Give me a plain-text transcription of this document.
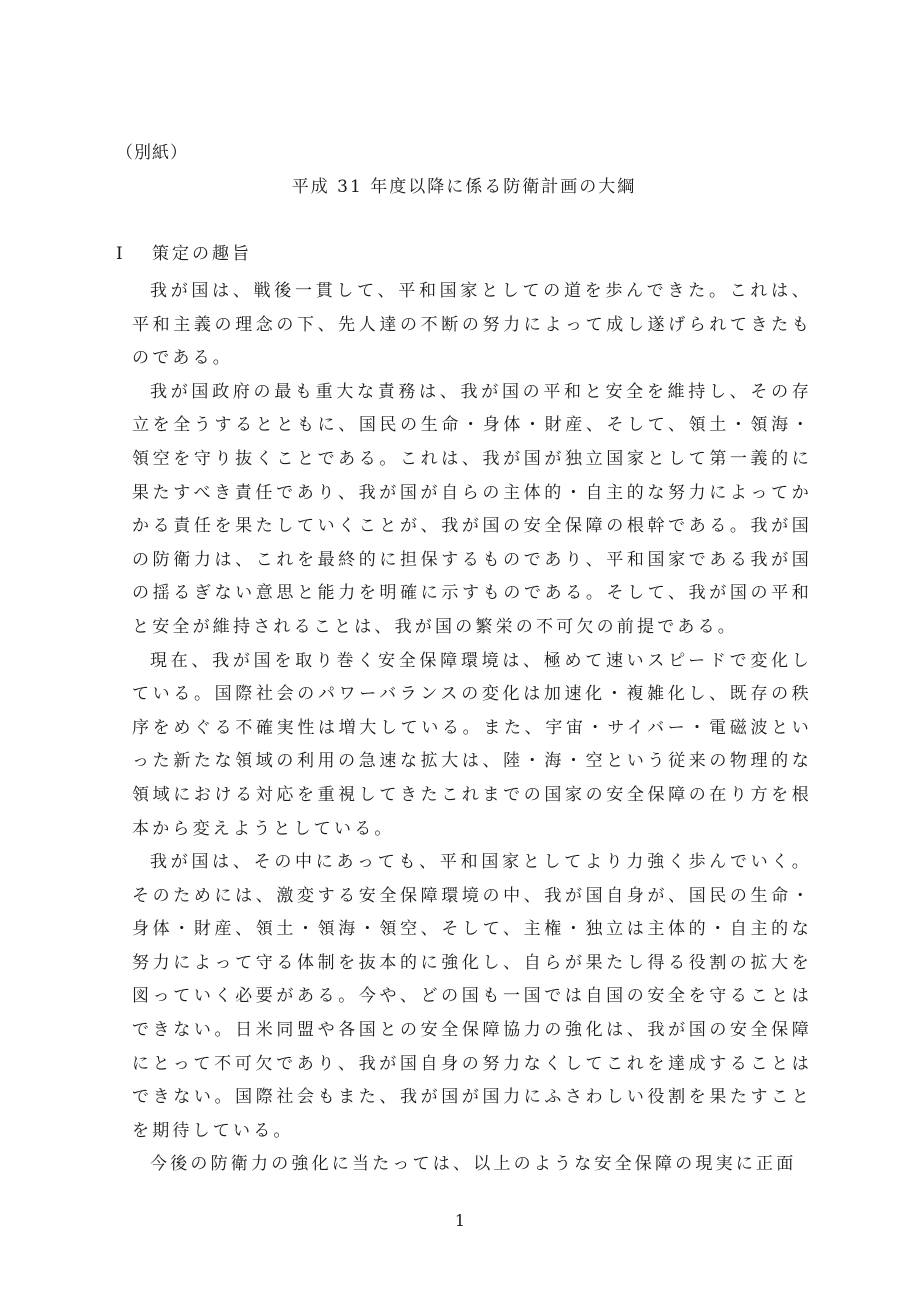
（別紙）
平成 31 年度以降に係る防衛計画の大綱
Ⅰ 策定の趣旨

我が国は、戦後一貫して、平和国家としての道を歩んできた。これは、平和主義の理念の下、先人達の不断の努力によって成し遂げられてきたものである。

我が国政府の最も重大な責務は、我が国の平和と安全を維持し、その存立を全うするとともに、国民の生命・身体・財産、そして、領土・領海・領空を守り抜くことである。これは、我が国が独立国家として第一義的に果たすべき責任であり、我が国が自らの主体的・自主的な努力によってかかる責任を果たしていくことが、我が国の安全保障の根幹である。我が国の防衛力は、これを最終的に担保するものであり、平和国家である我が国の揺るぎない意思と能力を明確に示すものである。そして、我が国の平和と安全が維持されることは、我が国の繁栄の不可欠の前提である。

現在、我が国を取り巻く安全保障環境は、極めて速いスピードで変化している。国際社会のパワーバランスの変化は加速化・複雑化し、既存の秩序をめぐる不確実性は増大している。また、宇宙・サイバー・電磁波といった新たな領域の利用の急速な拡大は、陸・海・空という従来の物理的な領域における対応を重視してきたこれまでの国家の安全保障の在り方を根本から変えようとしている。

我が国は、その中にあっても、平和国家としてより力強く歩んでいく。そのためには、激変する安全保障環境の中、我が国自身が、国民の生命・身体・財産、領土・領海・領空、そして、主権・独立は主体的・自主的な努力によって守る体制を抜本的に強化し、自らが果たし得る役割の拡大を図っていく必要がある。今や、どの国も一国では自国の安全を守ることはできない。日米同盟や各国との安全保障協力の強化は、我が国の安全保障にとって不可欠であり、我が国自身の努力なくしてこれを達成することはできない。国際社会もまた、我が国が国力にふさわしい役割を果たすことを期待している。

今後の防衛力の強化に当たっては、以上のような安全保障の現実に正面

1
